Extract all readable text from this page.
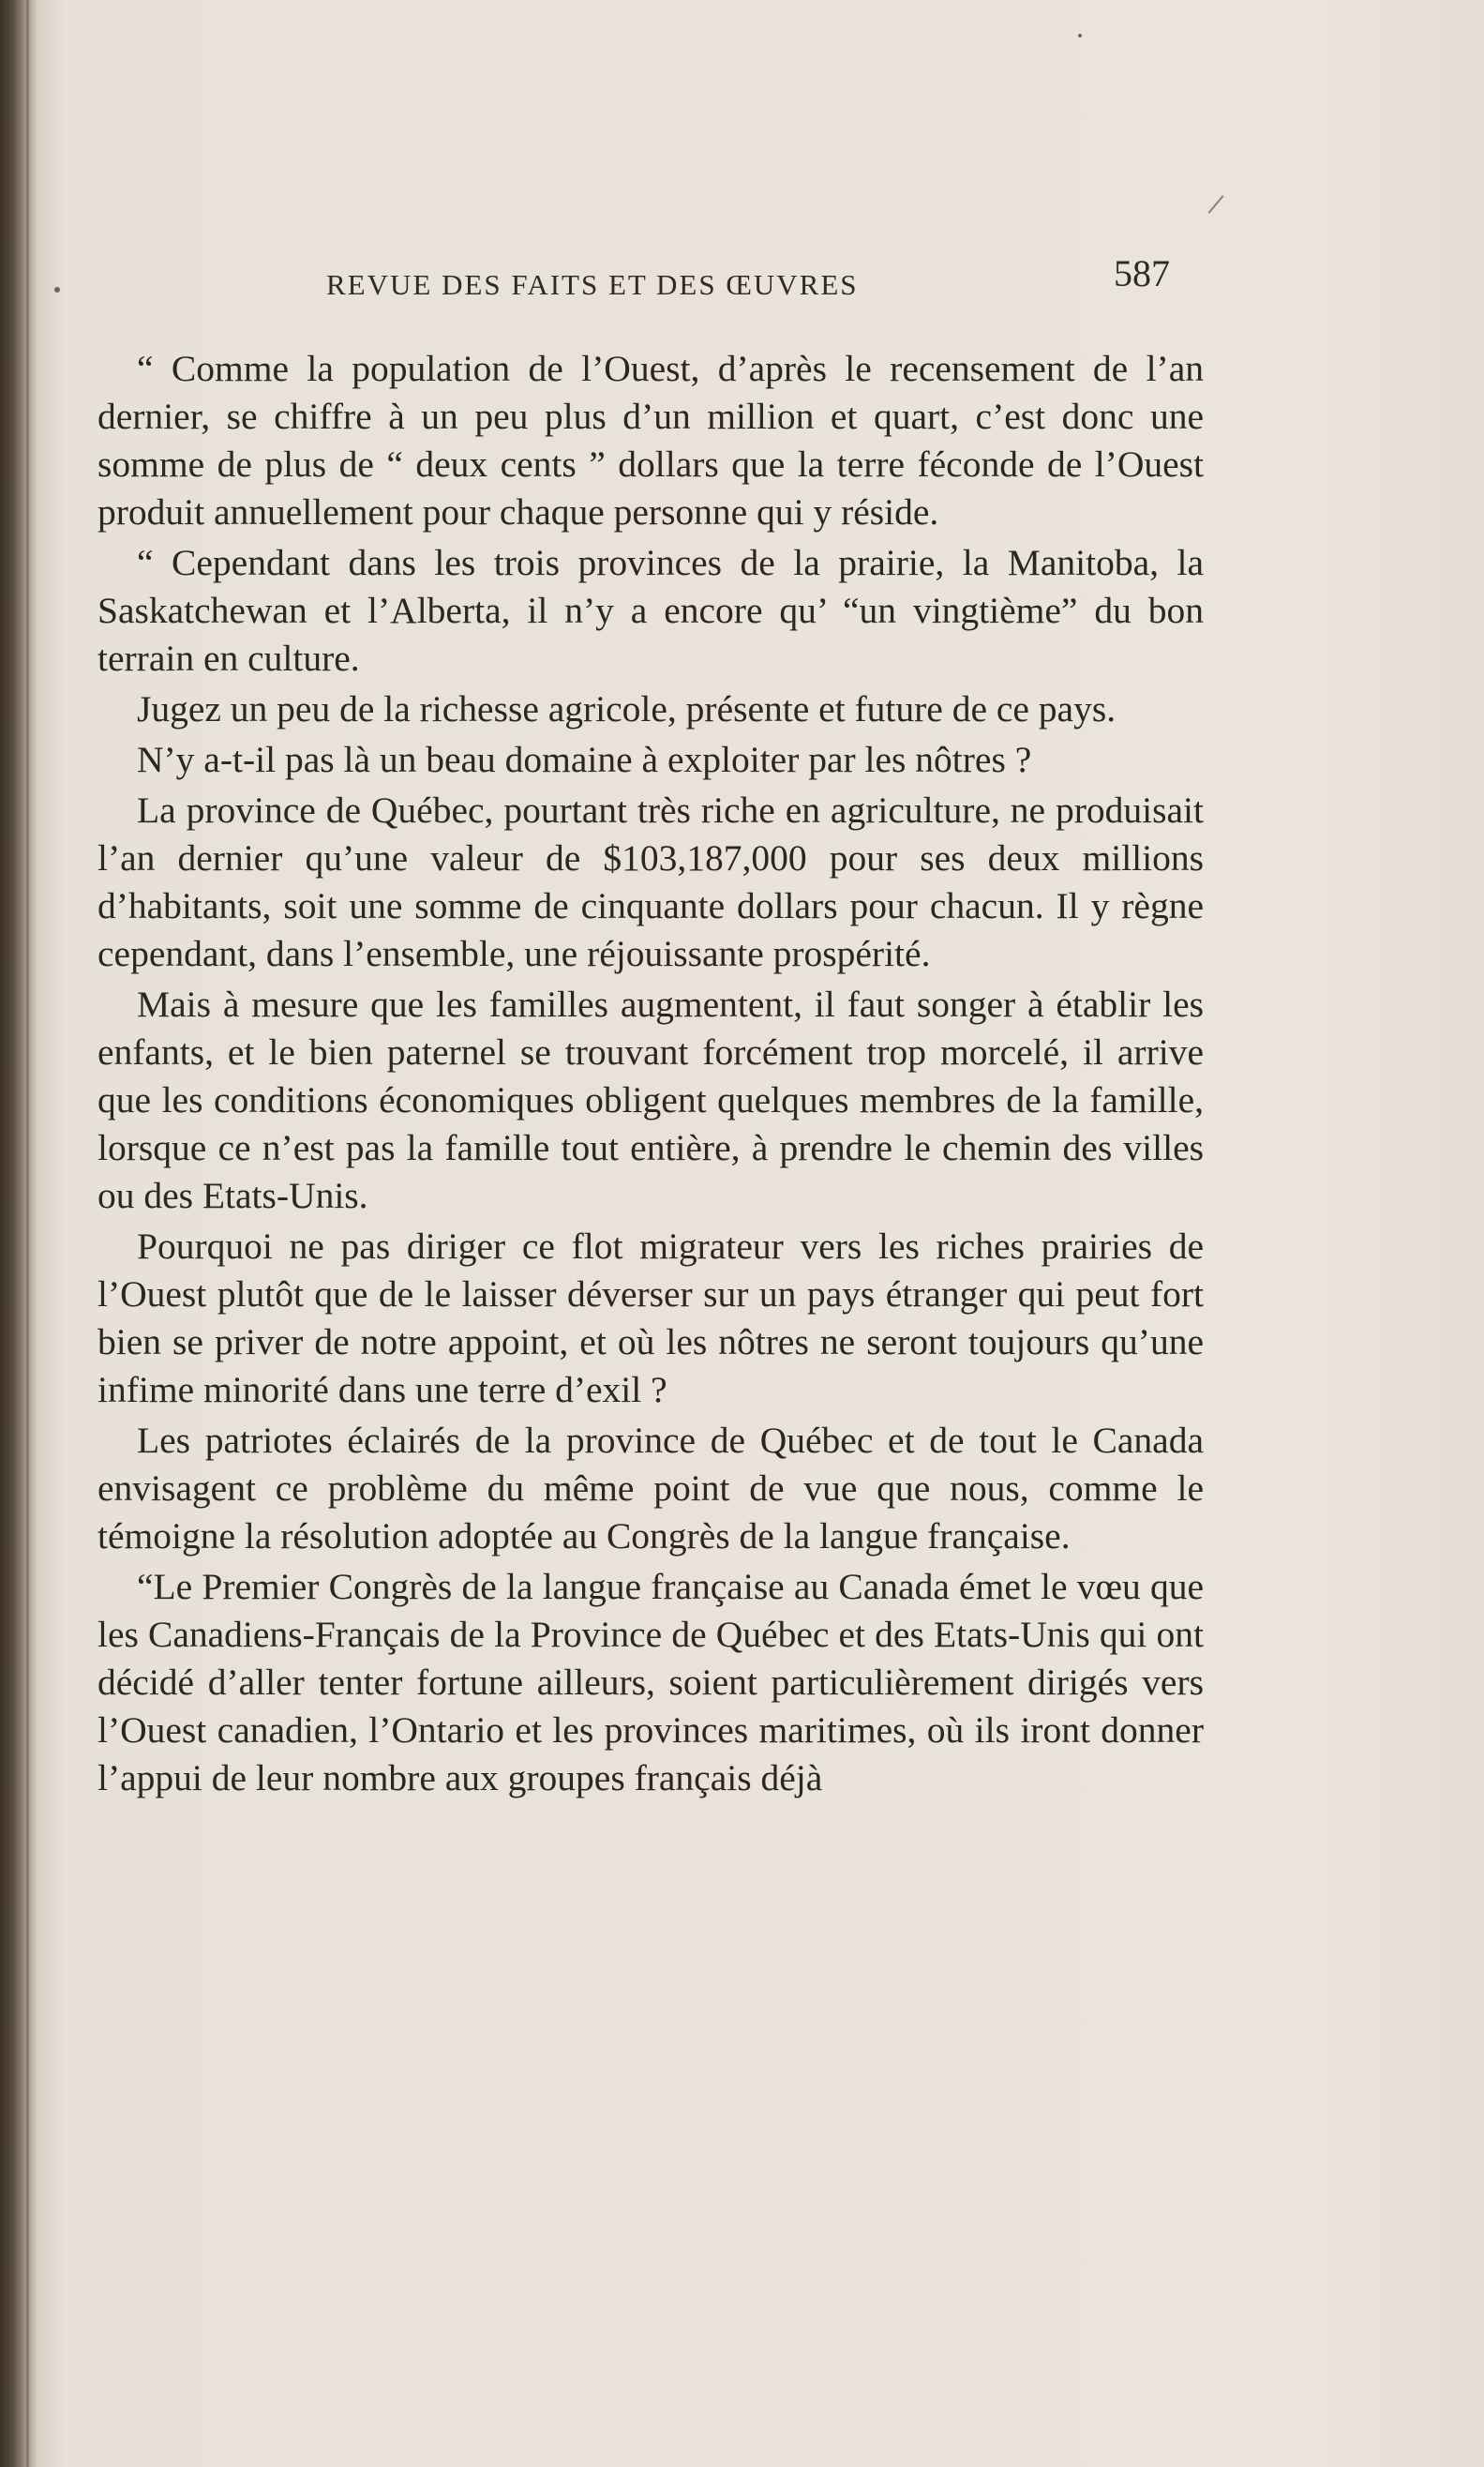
REVUE DES FAITS ET DES ŒUVRES	587

“ Comme la population de l’Ouest, d’après le recensement de l’an dernier, se chiffre à un peu plus d’un million et quart, c’est donc une somme de plus de “ deux cents ” dollars que la terre féconde de l’Ouest produit annuellement pour chaque personne qui y réside.

“ Cependant dans les trois provinces de la prairie, la Manitoba, la Saskatchewan et l’Alberta, il n’y a encore qu’ “un vingtième” du bon terrain en culture.

Jugez un peu de la richesse agricole, présente et future de ce pays.

N’y a-t-il pas là un beau domaine à exploiter par les nôtres ?

La province de Québec, pourtant très riche en agriculture, ne produisait l’an dernier qu’une valeur de $103,187,000 pour ses deux millions d’habitants, soit une somme de cinquante dollars pour chacun. Il y règne cependant, dans l’ensemble, une réjouissante prospérité.

Mais à mesure que les familles augmentent, il faut songer à établir les enfants, et le bien paternel se trouvant forcément trop morcelé, il arrive que les conditions économiques obligent quelques membres de la famille, lorsque ce n’est pas la famille tout entière, à prendre le chemin des villes ou des Etats-Unis.

Pourquoi ne pas diriger ce flot migrateur vers les riches prairies de l’Ouest plutôt que de le laisser déverser sur un pays étranger qui peut fort bien se priver de notre appoint, et où les nôtres ne seront toujours qu’une infime minorité dans une terre d’exil ?

Les patriotes éclairés de la province de Québec et de tout le Canada envisagent ce problème du même point de vue que nous, comme le témoigne la résolution adoptée au Congrès de la langue française.

“Le Premier Congrès de la langue française au Canada émet le vœu que les Canadiens-Français de la Province de Québec et des Etats-Unis qui ont décidé d’aller tenter fortune ailleurs, soient particulièrement dirigés vers l’Ouest canadien, l’Ontario et les provinces maritimes, où ils iront donner l’appui de leur nombre aux groupes français déjà
